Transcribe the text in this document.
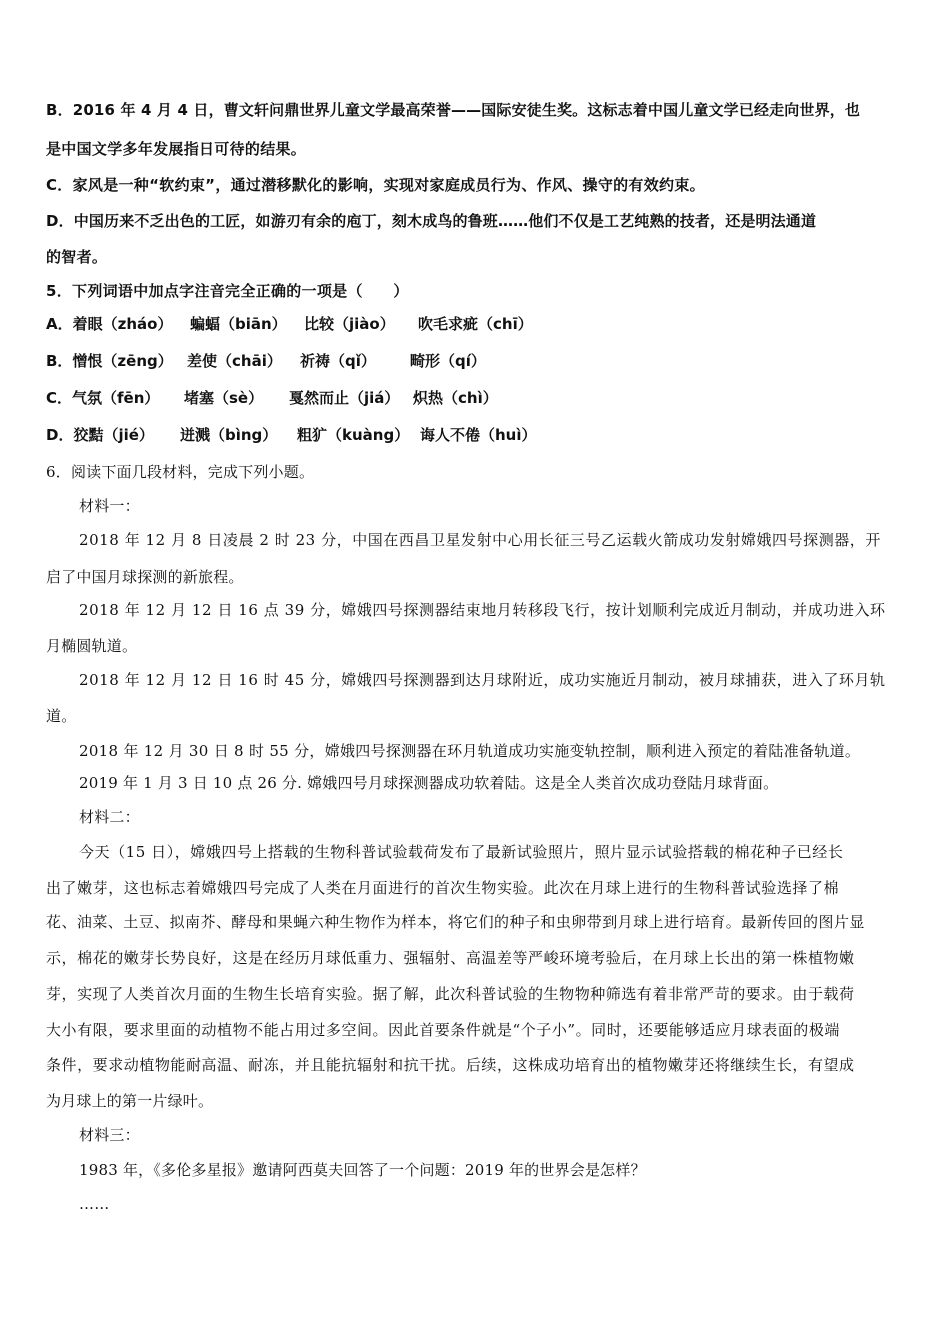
B．2016 年 4 月 4 日，曹文轩问鼎世界儿童文学最高荣誉——国际安徒生奖。这标志着中国儿童文学已经走向世界，也
是中国文学多年发展指日可待的结果。
C．家风是一种“软约束”，通过潜移默化的影响，实现对家庭成员行为、作风、操守的有效约束。
D．中国历来不乏出色的工匠，如游刃有余的庖丁，刻木成鸟的鲁班……他们不仅是工艺纯熟的技者，还是明法通道
的智者。
5．下列词语中加点字注音完全正确的一项是（　　）
A．着眼（zháo） 蝙蝠（biān） 比较（jiào） 吹毛求疵（chī）
B．憎恨（zēng） 差使（chāi） 祈祷（qǐ） 畸形（qí）
C．气氛（fēn） 堵塞（sè） 戛然而止（jiá） 炽热（chì）
D．狡黠（jié） 迸溅（bìng） 粗犷（kuàng） 诲人不倦（huì）
6．阅读下面几段材料，完成下列小题。
材料一：
2018 年 12 月 8 日凌晨 2 时 23 分，中国在西昌卫星发射中心用长征三号乙运载火箭成功发射嫦娥四号探测器，开
启了中国月球探测的新旅程。
2018 年 12 月 12 日 16 点 39 分，嫦娥四号探测器结束地月转移段飞行，按计划顺利完成近月制动，并成功进入环
月椭圆轨道。
2018 年 12 月 12 日 16 时 45 分，嫦娥四号探测器到达月球附近，成功实施近月制动，被月球捕获，进入了环月轨
道。
2018 年 12 月 30 日 8 时 55 分，嫦娥四号探测器在环月轨道成功实施变轨控制，顺利进入预定的着陆准备轨道。
2019 年 1 月 3 日 10 点 26 分. 嫦娥四号月球探测器成功软着陆。这是全人类首次成功登陆月球背面。
材料二：
今天（15 日），嫦娥四号上搭载的生物科普试验载荷发布了最新试验照片，照片显示试验搭载的棉花种子已经长
出了嫩芽，这也标志着嫦娥四号完成了人类在月面进行的首次生物实验。此次在月球上进行的生物科普试验选择了棉
花、油菜、土豆、拟南芥、酵母和果蝇六种生物作为样本，将它们的种子和虫卵带到月球上进行培育。最新传回的图片显
示，棉花的嫩芽长势良好，这是在经历月球低重力、强辐射、高温差等严峻环境考验后，在月球上长出的第一株植物嫩
芽，实现了人类首次月面的生物生长培育实验。据了解，此次科普试验的生物物种筛选有着非常严苛的要求。由于载荷
大小有限，要求里面的动植物不能占用过多空间。因此首要条件就是“个子小”。同时，还要能够适应月球表面的极端
条件，要求动植物能耐高温、耐冻，并且能抗辐射和抗干扰。后续，这株成功培育出的植物嫩芽还将继续生长，有望成
为月球上的第一片绿叶。
材料三：
1983 年，《多伦多星报》邀请阿西莫夫回答了一个问题：2019 年的世界会是怎样？
……
